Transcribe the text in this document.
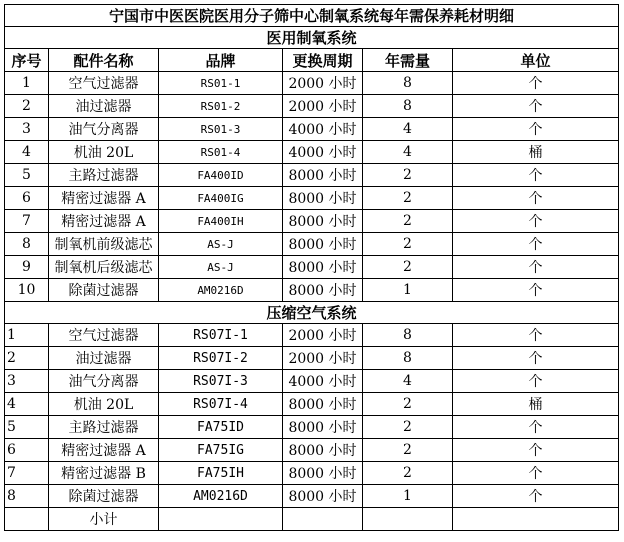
宁国市中医医院医用分子筛中心制氧系统每年需保养耗材明细					
医用制氧系统					
序号	配件名称	品牌	更换周期	年需量	单位
1	空气过滤器	RS01-1	2000 小时	8	个
2	油过滤器	RS01-2	2000 小时	8	个
3	油气分离器	RS01-3	4000 小时	4	个
4	机油 20L	RS01-4	4000 小时	4	桶
5	主路过滤器	FA400ID	8000 小时	2	个
6	精密过滤器 A	FA400IG	8000 小时	2	个
7	精密过滤器 A	FA400IH	8000 小时	2	个
8	制氧机前级滤芯	AS-J	8000 小时	2	个
9	制氧机后级滤芯	AS-J	8000 小时	2	个
10	除菌过滤器	AM0216D	8000 小时	1	个
压缩空气系统					
1	空气过滤器	RS07I-1	2000 小时	8	个
2	油过滤器	RS07I-2	2000 小时	8	个
3	油气分离器	RS07I-3	4000 小时	4	个
4	机油 20L	RS07I-4	8000 小时	2	桶
5	主路过滤器	FA75ID	8000 小时	2	个
6	精密过滤器 A	FA75IG	8000 小时	2	个
7	精密过滤器 B	FA75IH	8000 小时	2	个
8	除菌过滤器	AM0216D	8000 小时	1	个
	小计				
